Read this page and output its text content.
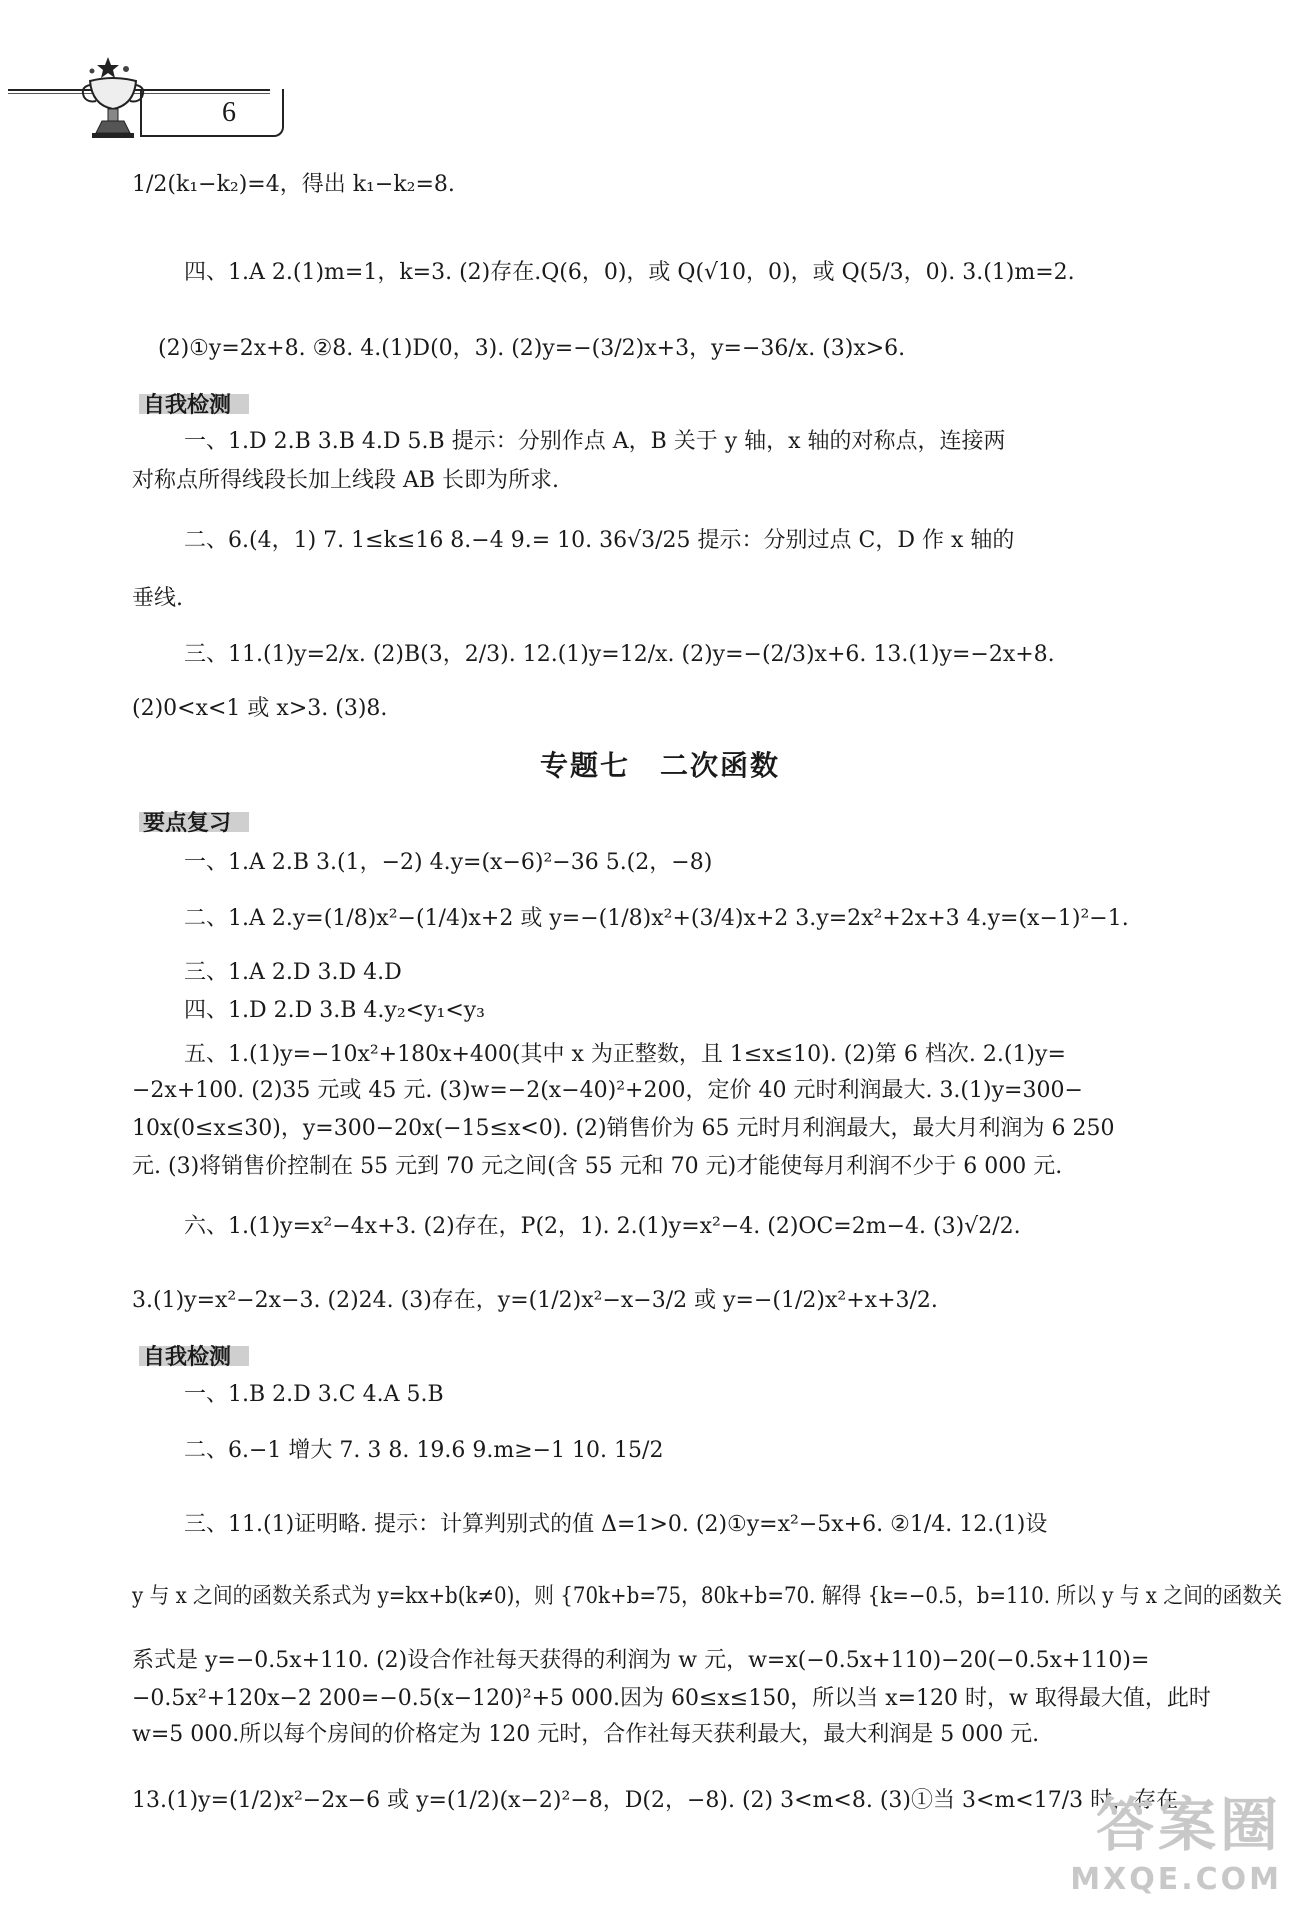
6
1/2(k₁−k₂)=4，得出 k₁−k₂=8.
四、1.A 2.(1)m=1，k=3. (2)存在.Q(6，0)，或 Q(√10，0)，或 Q(5/3，0). 3.(1)m=2.
(2)①y=2x+8. ②8. 4.(1)D(0，3). (2)y=−(3/2)x+3，y=−36/x. (3)x>6.
自我检测
一、1.D 2.B 3.B 4.D 5.B 提示：分别作点 A，B 关于 y 轴，x 轴的对称点，连接两
对称点所得线段长加上线段 AB 长即为所求.
二、6.(4，1) 7. 1≤k≤16 8.−4 9.= 10. 36√3/25 提示：分别过点 C，D 作 x 轴的
垂线.
三、11.(1)y=2/x. (2)B(3，2/3). 12.(1)y=12/x. (2)y=−(2/3)x+6. 13.(1)y=−2x+8.
(2)0<x<1 或 x>3. (3)8.
专题七　二次函数
要点复习
一、1.A 2.B 3.(1，−2) 4.y=(x−6)²−36 5.(2，−8)
二、1.A 2.y=(1/8)x²−(1/4)x+2 或 y=−(1/8)x²+(3/4)x+2 3.y=2x²+2x+3 4.y=(x−1)²−1.
三、1.A 2.D 3.D 4.D
四、1.D 2.D 3.B 4.y₂<y₁<y₃
五、1.(1)y=−10x²+180x+400(其中 x 为正整数，且 1≤x≤10). (2)第 6 档次. 2.(1)y=
−2x+100. (2)35 元或 45 元. (3)w=−2(x−40)²+200，定价 40 元时利润最大. 3.(1)y=300−
10x(0≤x≤30)，y=300−20x(−15≤x<0). (2)销售价为 65 元时月利润最大，最大月利润为 6 250
元. (3)将销售价控制在 55 元到 70 元之间(含 55 元和 70 元)才能使每月利润不少于 6 000 元.
六、1.(1)y=x²−4x+3. (2)存在，P(2，1). 2.(1)y=x²−4. (2)OC=2m−4. (3)√2/2.
3.(1)y=x²−2x−3. (2)24. (3)存在，y=(1/2)x²−x−3/2 或 y=−(1/2)x²+x+3/2.
自我检测
一、1.B 2.D 3.C 4.A 5.B
二、6.−1 增大 7. 3 8. 19.6 9.m≥−1 10. 15/2
三、11.(1)证明略. 提示：计算判别式的值 Δ=1>0. (2)①y=x²−5x+6. ②1/4. 12.(1)设
y 与 x 之间的函数关系式为 y=kx+b(k≠0)，则 {70k+b=75，80k+b=70. 解得 {k=−0.5，b=110. 所以 y 与 x 之间的函数关
系式是 y=−0.5x+110. (2)设合作社每天获得的利润为 w 元，w=x(−0.5x+110)−20(−0.5x+110)=
−0.5x²+120x−2 200=−0.5(x−120)²+5 000.因为 60≤x≤150，所以当 x=120 时，w 取得最大值，此时
w=5 000.所以每个房间的价格定为 120 元时，合作社每天获利最大，最大利润是 5 000 元.
13.(1)y=(1/2)x²−2x−6 或 y=(1/2)(x−2)²−8，D(2，−8). (2) 3<m<8. (3)①当 3<m<17/3 时，存在
答案圈
MXQE.COM
